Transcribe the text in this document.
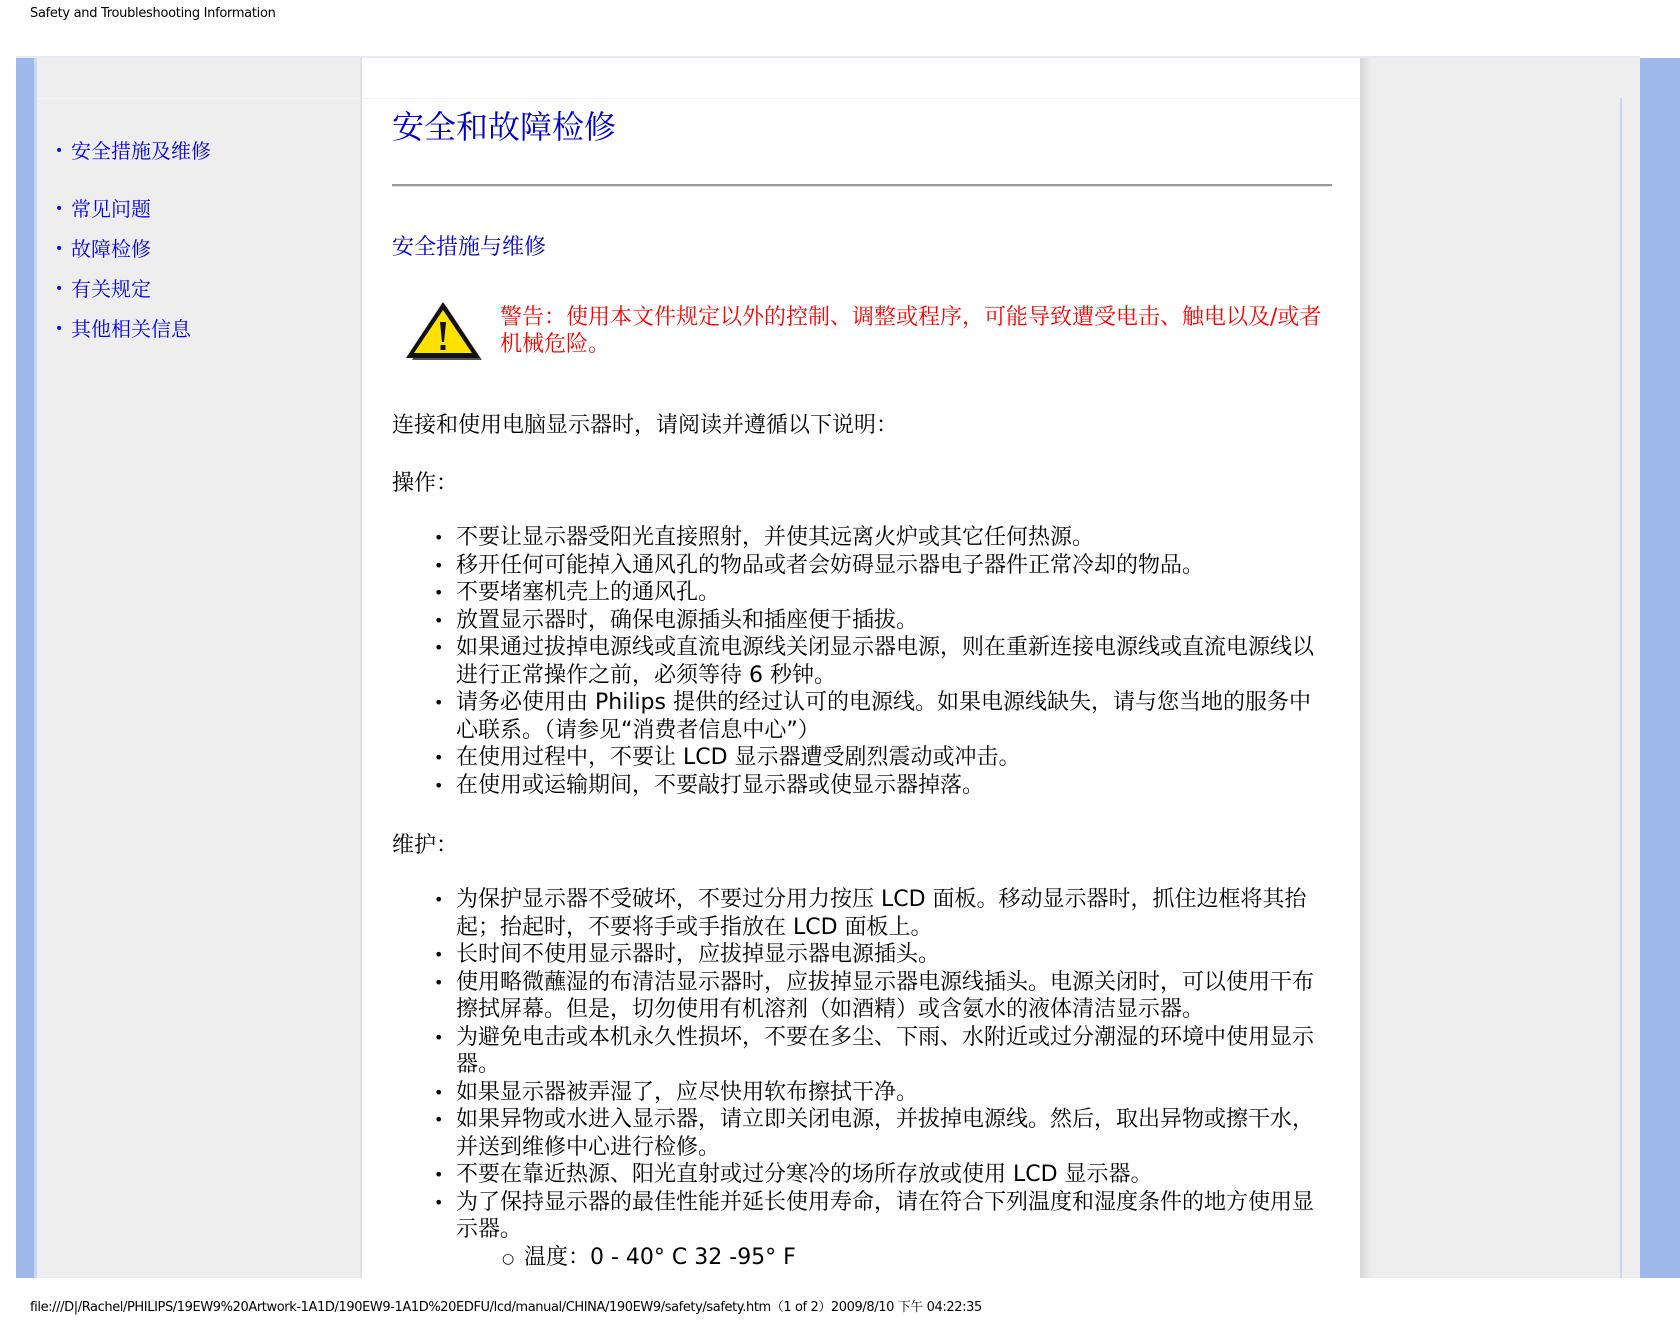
Safety and Troubleshooting Information
• 安全措施及维修
• 常见问题
• 故障检修
• 有关规定
• 其他相关信息
安全和故障检修
安全措施与维修
警告：使用本文件规定以外的控制、调整或程序，可能导致遭受电击、触电以及/或者机械危险。
连接和使用电脑显示器时，请阅读并遵循以下说明：
操作：
• 不要让显示器受阳光直接照射，并使其远离火炉或其它任何热源。
• 移开任何可能掉入通风孔的物品或者会妨碍显示器电子器件正常冷却的物品。
• 不要堵塞机壳上的通风孔。
• 放置显示器时，确保电源插头和插座便于插拔。
• 如果通过拔掉电源线或直流电源线关闭显示器电源，则在重新连接电源线或直流电源线以进行正常操作之前，必须等待 6 秒钟。
• 请务必使用由 Philips 提供的经过认可的电源线。如果电源线缺失，请与您当地的服务中心联系。（请参见“消费者信息中心”）
• 在使用过程中，不要让 LCD 显示器遭受剧烈震动或冲击。
• 在使用或运输期间，不要敲打显示器或使显示器掉落。
维护：
• 为保护显示器不受破坏，不要过分用力按压 LCD 面板。移动显示器时，抓住边框将其抬起；抬起时，不要将手或手指放在 LCD 面板上。
• 长时间不使用显示器时，应拔掉显示器电源插头。
• 使用略微蘸湿的布清洁显示器时，应拔掉显示器电源线插头。电源关闭时，可以使用干布擦拭屏幕。但是，切勿使用有机溶剂（如酒精）或含氨水的液体清洁显示器。
• 为避免电击或本机永久性损坏，不要在多尘、下雨、水附近或过分潮湿的环境中使用显示器。
• 如果显示器被弄湿了，应尽快用软布擦拭干净。
• 如果异物或水进入显示器，请立即关闭电源，并拔掉电源线。然后，取出异物或擦干水，并送到维修中心进行检修。
• 不要在靠近热源、阳光直射或过分寒冷的场所存放或使用 LCD 显示器。
• 为了保持显示器的最佳性能并延长使用寿命，请在符合下列温度和湿度条件的地方使用显示器。
○ 温度：0 - 40° C 32 -95° F
file:///D|/Rachel/PHILIPS/19EW9%20Artwork-1A1D/190EW9-1A1D%20EDFU/lcd/manual/CHINA/190EW9/safety/safety.htm（1 of 2）2009/8/10 下午 04:22:35
